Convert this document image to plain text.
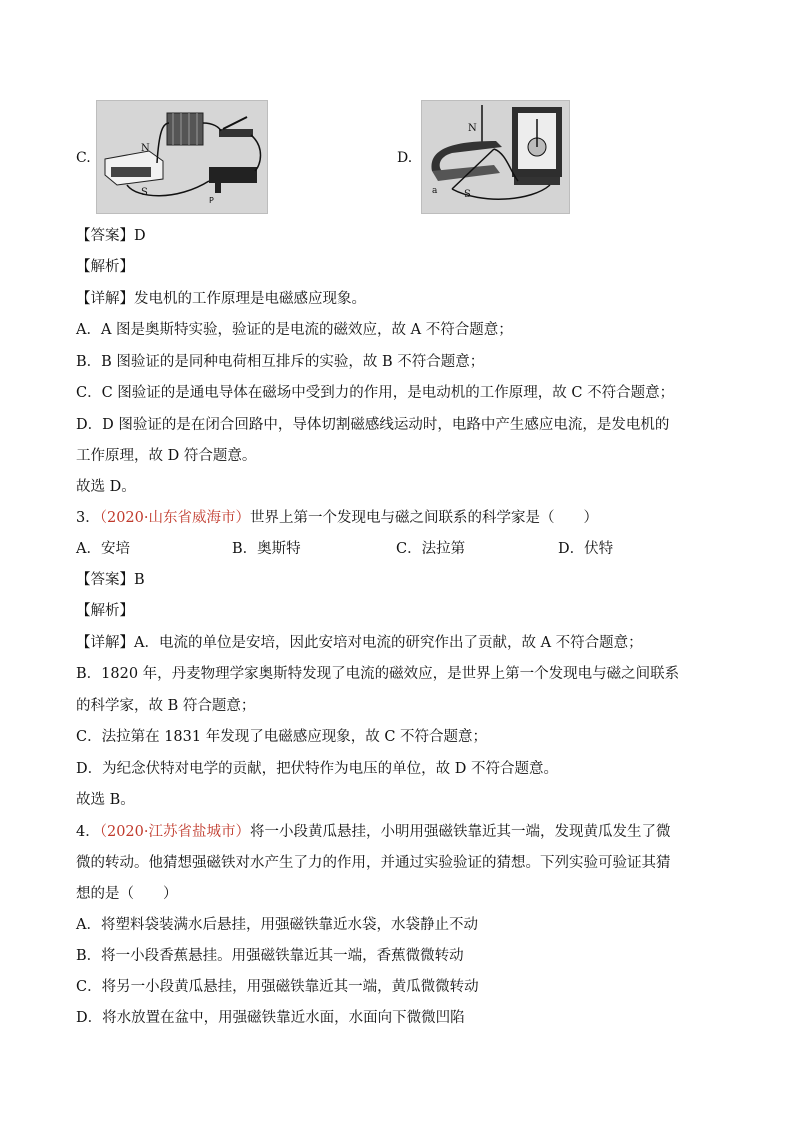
C.
N
S
P
D.
N
S
a
【答案】D
【解析】
【详解】发电机的工作原理是电磁感应现象。
A．A 图是奥斯特实验，验证的是电流的磁效应，故 A 不符合题意；
B．B 图验证的是同种电荷相互排斥的实验，故 B 不符合题意；
C．C 图验证的是通电导体在磁场中受到力的作用，是电动机的工作原理，故 C 不符合题意；
D．D 图验证的是在闭合回路中，导体切割磁感线运动时，电路中产生感应电流，是发电机的
工作原理，故 D 符合题意。
故选 D。
3．（2020·山东省威海市）世界上第一个发现电与磁之间联系的科学家是（　　）
A．安培	B．奥斯特	C．法拉第	D．伏特
【答案】B
【解析】
【详解】A．电流的单位是安培，因此安培对电流的研究作出了贡献，故 A 不符合题意；
B．1820 年，丹麦物理学家奥斯特发现了电流的磁效应，是世界上第一个发现电与磁之间联系
的科学家，故 B 符合题意；
C．法拉第在 1831 年发现了电磁感应现象，故 C 不符合题意；
D．为纪念伏特对电学的贡献，把伏特作为电压的单位，故 D 不符合题意。
故选 B。
4．（2020·江苏省盐城市）将一小段黄瓜悬挂，小明用强磁铁靠近其一端，发现黄瓜发生了微
微的转动。他猜想强磁铁对水产生了力的作用，并通过实验验证的猜想。下列实验可验证其猜
想的是（　　）
A．将塑料袋装满水后悬挂，用强磁铁靠近水袋，水袋静止不动
B．将一小段香蕉悬挂。用强磁铁靠近其一端，香蕉微微转动
C．将另一小段黄瓜悬挂，用强磁铁靠近其一端，黄瓜微微转动
D．将水放置在盆中，用强磁铁靠近水面，水面向下微微凹陷
